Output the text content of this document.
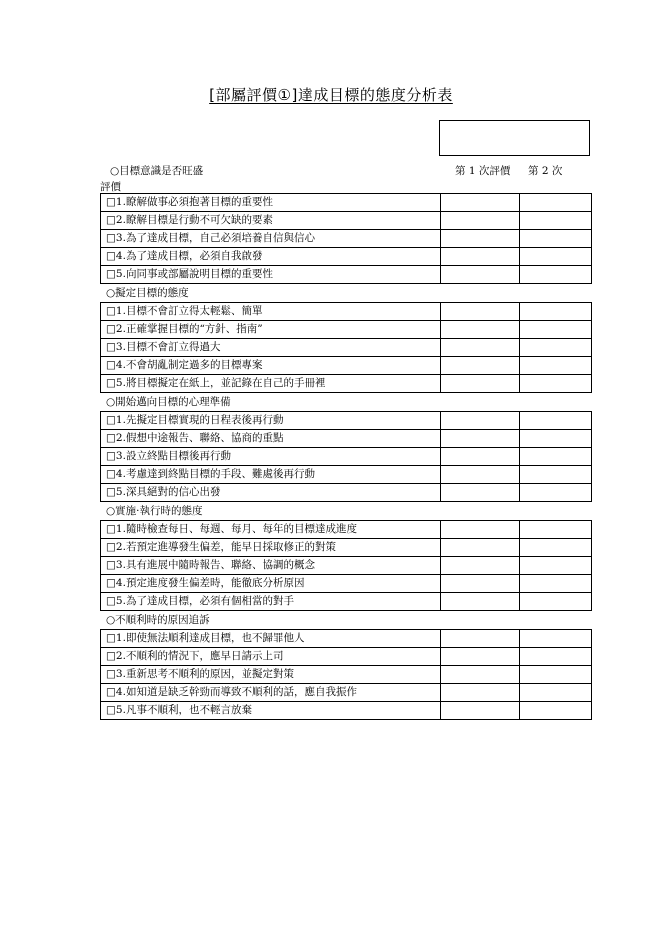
[部屬評價①]達成目標的態度分析表
○目標意識是否旺盛	第 1 次評價 第 2 次
評價
□1.瞭解做事必須抱著目標的重要性		
□2.瞭解目標是行動不可欠缺的要素		
□3.為了達成目標，自己必須培養自信與信心		
□4.為了達成目標，必須自我啟發		
□5.向同事或部屬說明目標的重要性		
○擬定目標的態度
□1.目標不會訂立得太輕鬆、簡單		
□2.正確掌握目標的“方針、指南”		
□3.目標不會訂立得過大		
□4.不會胡亂制定過多的目標專案		
□5.將目標擬定在紙上，並記錄在自己的手冊裡		
○開始邁向目標的心理準備
□1.先擬定目標實現的日程表後再行動		
□2.假想中途報告、聯絡、協商的重點		
□3.設立終點目標後再行動		
□4.考慮達到終點目標的手段、難處後再行動		
□5.深具絕對的信心出發		
○實施·執行時的態度
□1.隨時檢查每日、每週、每月、每年的目標達成進度		
□2.若預定進導發生偏差，能早日採取修正的對策		
□3.具有進展中隨時報告、聯絡、協調的概念		
□4.預定進度發生偏差時，能徹底分析原因		
□5.為了達成目標，必須有個相當的對手		
○不順利時的原因追訴
□1.即使無法順利達成目標，也不歸罪他人		
□2.不順利的情況下，應早日請示上司		
□3.重新思考不順利的原因，並擬定對策		
□4.如知道是缺乏幹勁而導致不順利的話，應自我振作		
□5.凡事不順利，也不輕言放棄		
